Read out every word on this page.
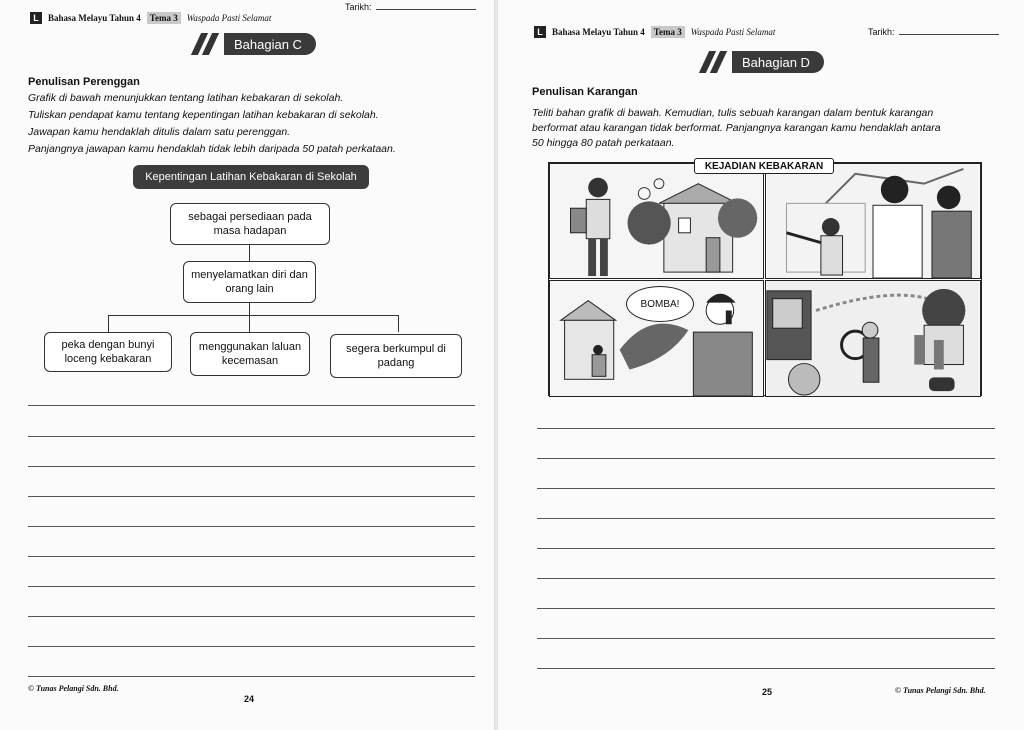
L	Bahasa Melayu Tahun 4	Tema 3	Waspada Pasti Selamat
Tarikh:
Bahagian C
Penulisan Perenggan
Grafik di bawah menunjukkan tentang latihan kebakaran di sekolah.
Tuliskan pendapat kamu tentang kepentingan latihan kebakaran di sekolah.
Jawapan kamu hendaklah ditulis dalam satu perenggan.
Panjangnya jawapan kamu hendaklah tidak lebih daripada 50 patah perkataan.
Kepentingan Latihan Kebakaran di Sekolah
sebagai persediaan pada masa hadapan
menyelamatkan diri dan orang lain
peka dengan bunyi loceng kebakaran
menggunakan laluan kecemasan
segera berkumpul di padang
© Tunas Pelangi Sdn. Bhd.
24
L	Bahasa Melayu Tahun 4	Tema 3	Waspada Pasti Selamat	Tarikh:
Bahagian D
Penulisan Karangan
Teliti bahan grafik di bawah. Kemudian, tulis sebuah karangan dalam bentuk karangan
berformat atau karangan tidak berformat. Panjangnya karangan kamu hendaklah antara
50 hingga 80 patah perkataan.
KEJADIAN KEBAKARAN
BOMBA!
25	© Tunas Pelangi Sdn. Bhd.
